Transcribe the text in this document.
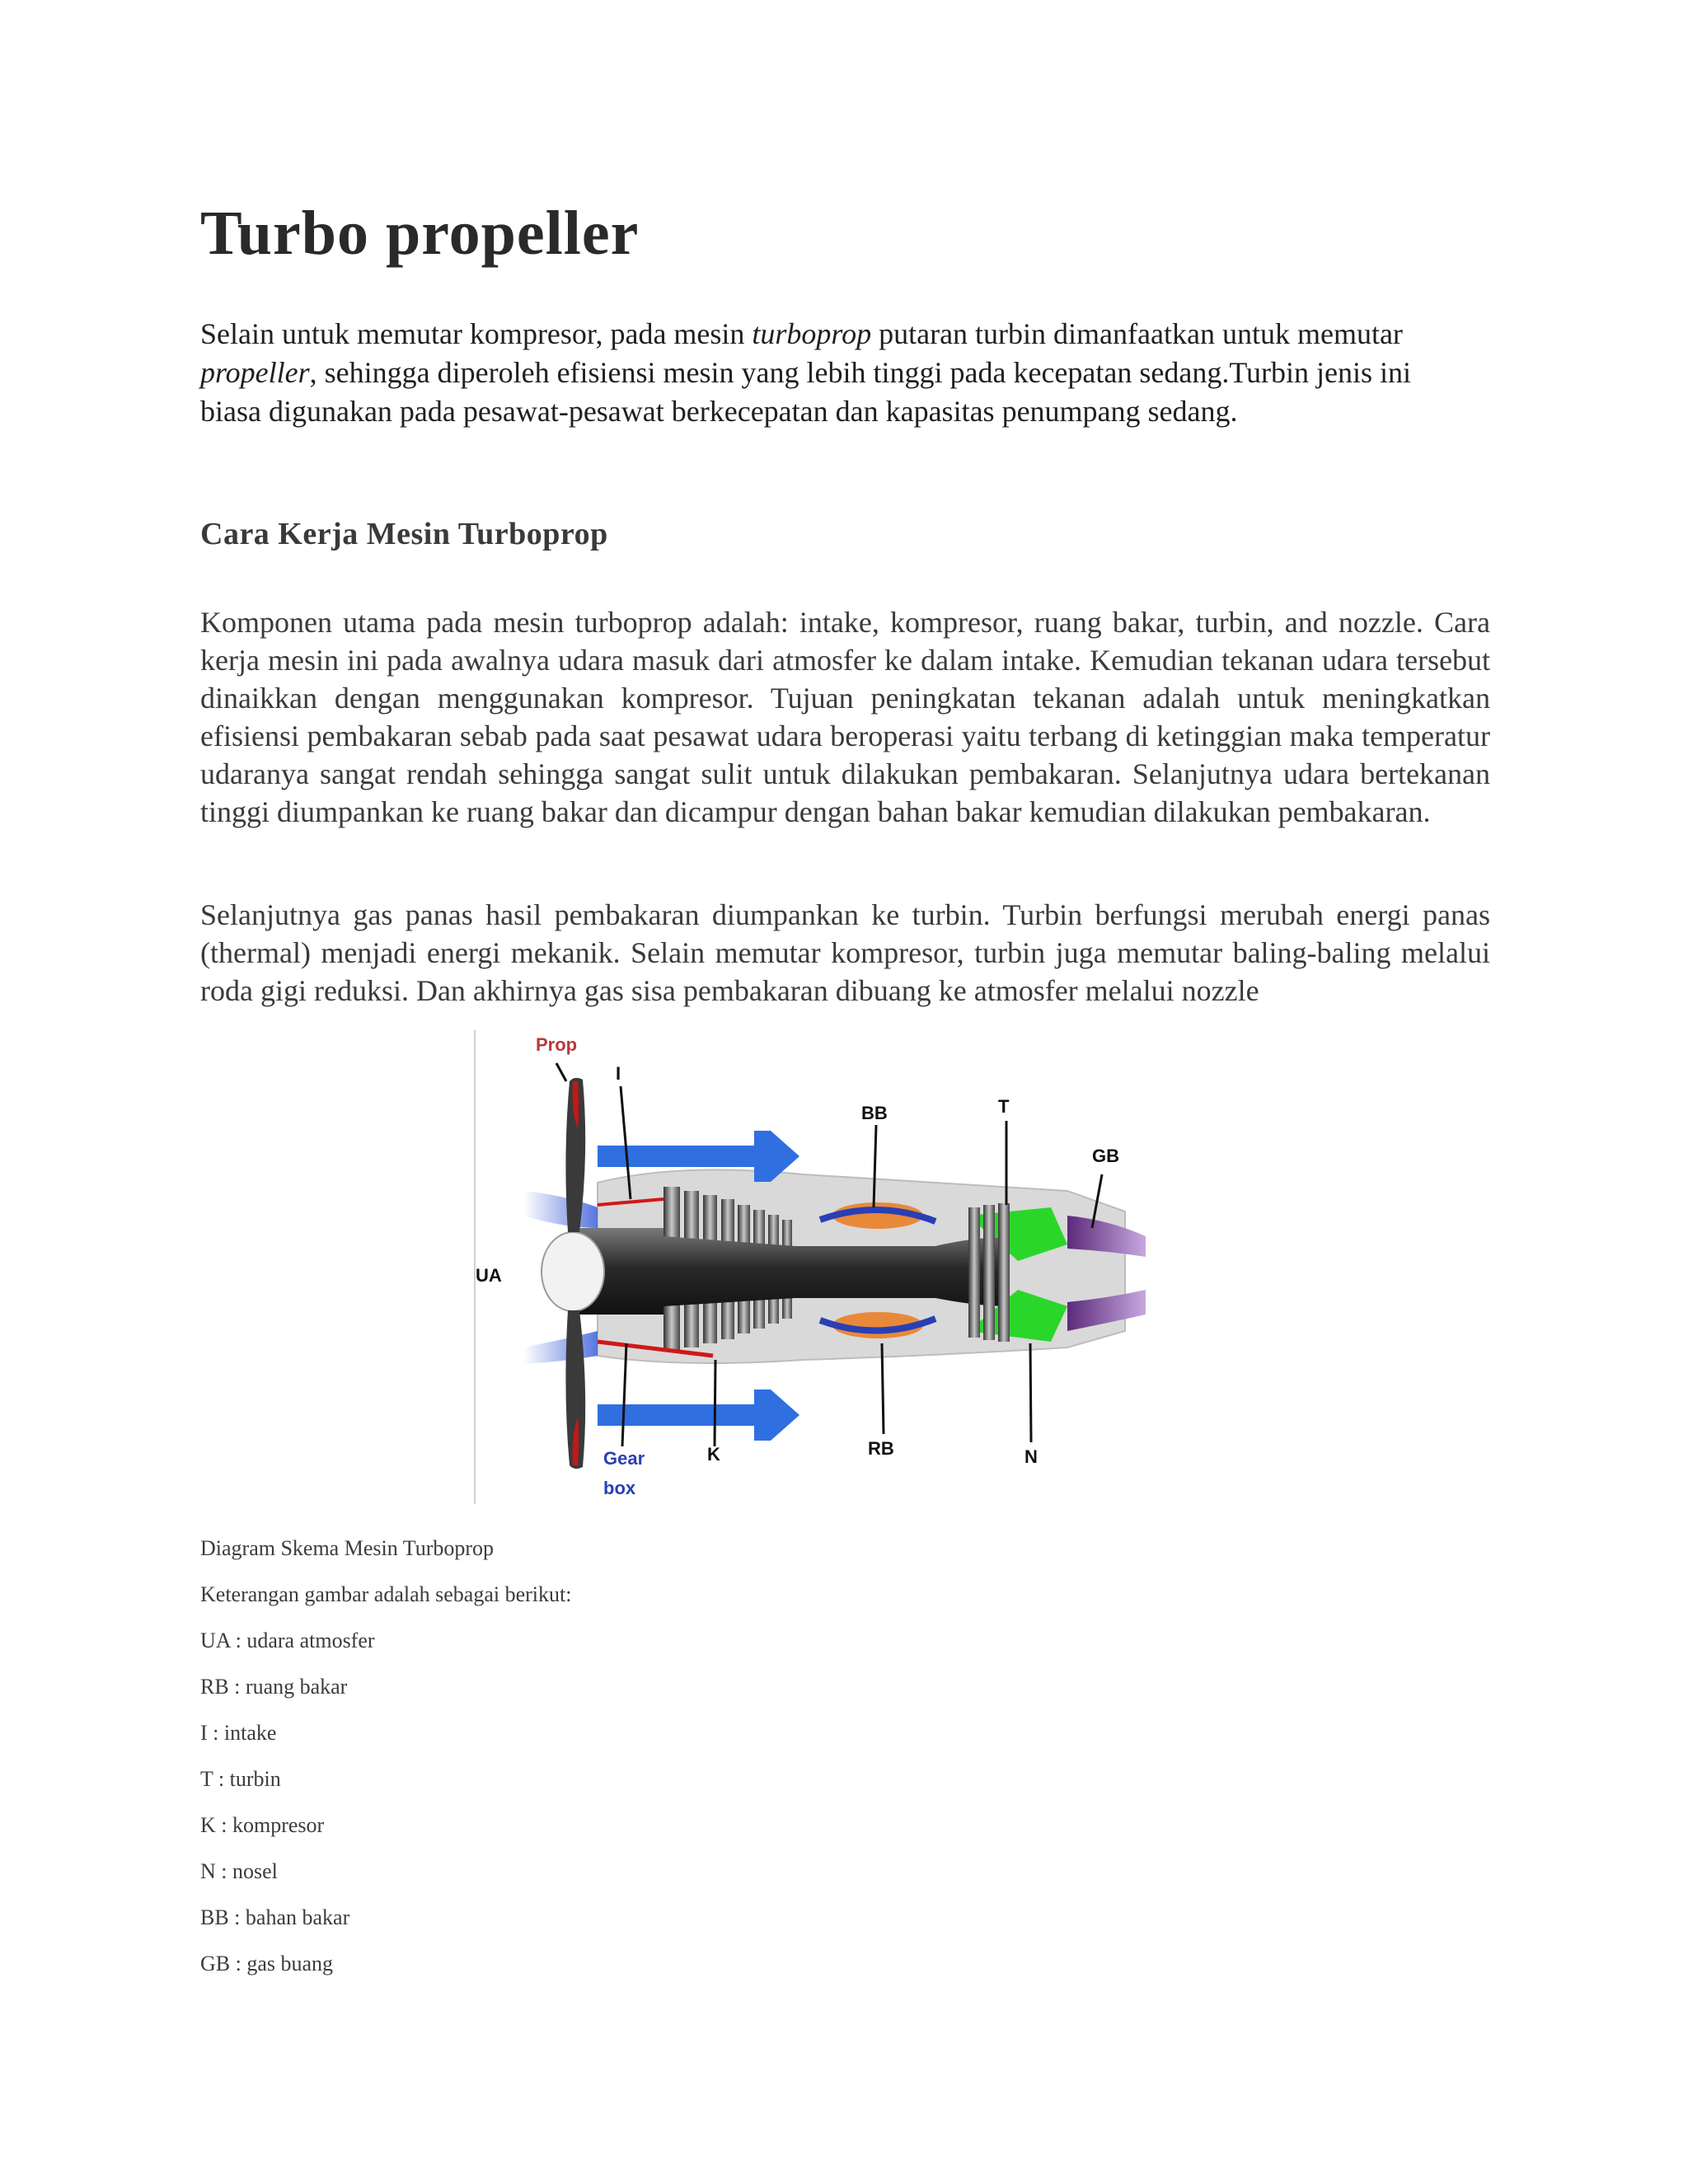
Turbo propeller

Selain untuk memutar kompresor, pada mesin turboprop putaran turbin dimanfaatkan untuk memutar propeller, sehingga diperoleh efisiensi mesin yang lebih tinggi pada kecepatan sedang.Turbin jenis ini biasa digunakan pada pesawat-pesawat berkecepatan dan kapasitas penumpang sedang.

Cara Kerja Mesin Turboprop

Komponen utama pada mesin turboprop adalah: intake, kompresor, ruang bakar, turbin, and nozzle. Cara kerja mesin ini pada awalnya udara masuk dari atmosfer ke dalam intake. Kemudian tekanan udara tersebut dinaikkan dengan menggunakan kompresor. Tujuan peningkatan tekanan adalah untuk meningkatkan efisiensi pembakaran sebab pada saat pesawat udara beroperasi yaitu terbang di ketinggian maka temperatur udaranya sangat rendah sehingga sangat sulit untuk dilakukan pembakaran. Selanjutnya udara bertekanan tinggi diumpankan ke ruang bakar dan dicampur dengan bahan bakar kemudian dilakukan pembakaran.

Selanjutnya gas panas hasil pembakaran diumpankan ke turbin. Turbin berfungsi merubah energi panas (thermal) menjadi energi mekanik. Selain memutar kompresor, turbin juga memutar baling-baling melalui roda gigi reduksi. Dan akhirnya gas sisa pembakaran dibuang ke atmosfer melalui nozzle

Prop
I
BB	T
GB
UA
Gear
box
K	RB	N

Diagram Skema Mesin Turboprop

Keterangan gambar adalah sebagai berikut:

UA : udara atmosfer

RB : ruang bakar

I : intake

T : turbin

K : kompresor

N : nosel

BB : bahan bakar

GB : gas buang
